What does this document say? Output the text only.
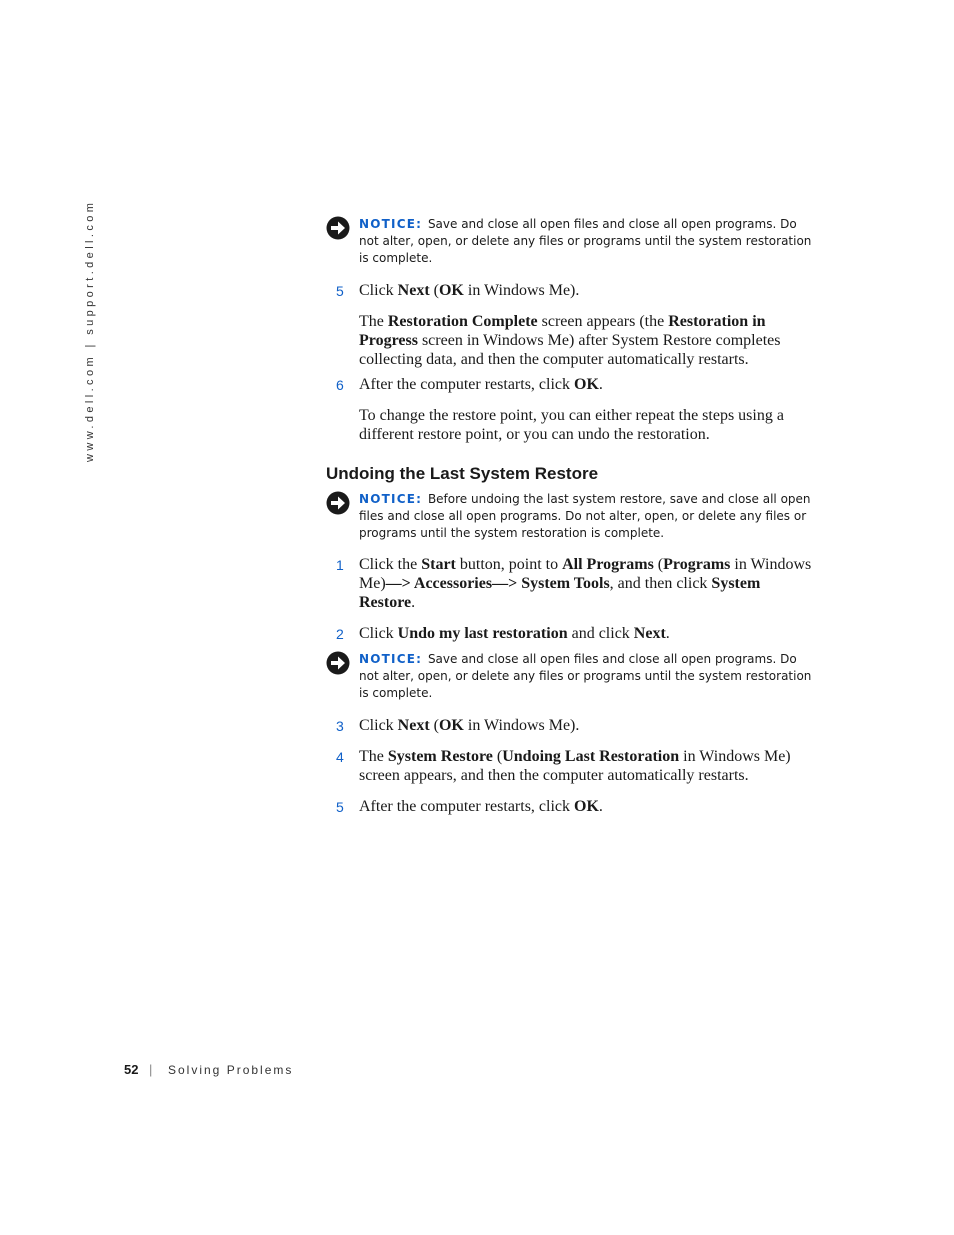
www.dell.com | support.dell.com	NOTICE: Save and close all open files and close all open programs. Do not alter, open, or delete any files or programs until the system restoration is complete.
5 Click Next (OK in Windows Me).
The Restoration Complete screen appears (the Restoration in Progress screen in Windows Me) after System Restore completes collecting data, and then the computer automatically restarts.
6 After the computer restarts, click OK.
To change the restore point, you can either repeat the steps using a different restore point, or you can undo the restoration.
Undoing the Last System Restore
NOTICE: Before undoing the last system restore, save and close all open files and close all open programs. Do not alter, open, or delete any files or programs until the system restoration is complete.
1 Click the Start button, point to All Programs (Programs in Windows Me)—> Accessories—> System Tools, and then click System Restore.
2 Click Undo my last restoration and click Next.
NOTICE: Save and close all open files and close all open programs. Do not alter, open, or delete any files or programs until the system restoration is complete.
3 Click Next (OK in Windows Me).
4 The System Restore (Undoing Last Restoration in Windows Me) screen appears, and then the computer automatically restarts.
5 After the computer restarts, click OK.
52 | Solving Problems
